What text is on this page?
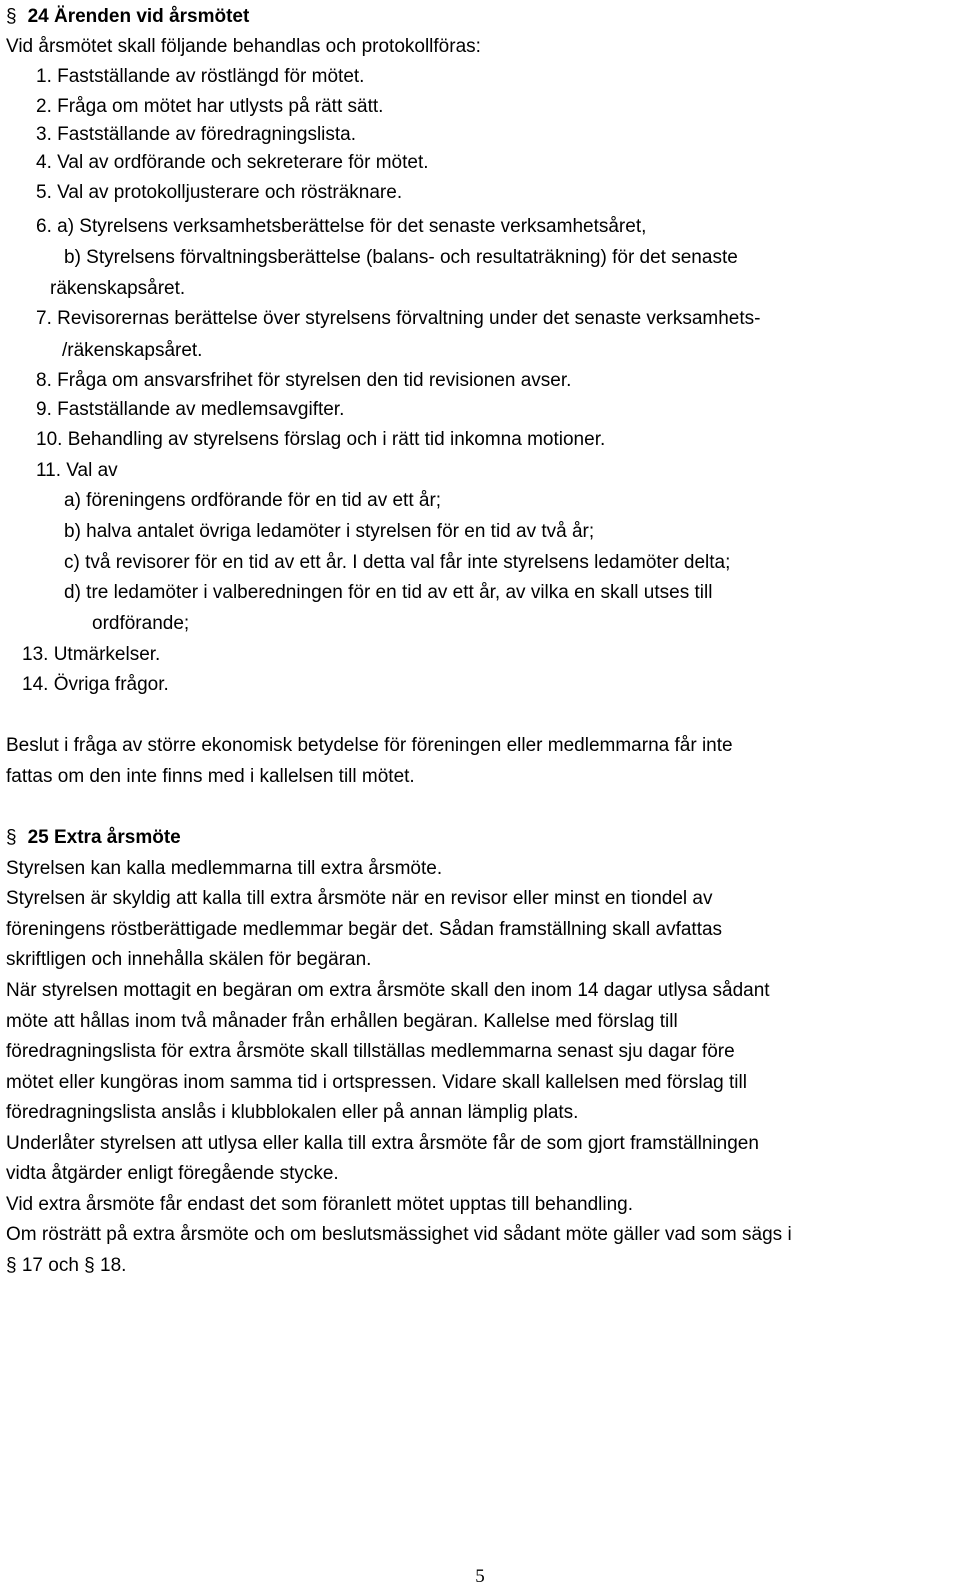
§ 24 Ärenden vid årsmötet
Vid årsmötet skall följande behandlas och protokollföras:
1. Fastställande av röstlängd för mötet.
2. Fråga om mötet har utlysts på rätt sätt.
3. Fastställande av föredragningslista.
4. Val av ordförande och sekreterare för mötet.
5. Val av protokolljusterare och rösträknare.
6. a) Styrelsens verksamhetsberättelse för det senaste verksamhetsåret,
b) Styrelsens förvaltningsberättelse (balans- och resultaträkning) för det senaste
räkenskapsåret.
7. Revisorernas berättelse över styrelsens förvaltning under det senaste verksamhets-
/räkenskapsåret.
8. Fråga om ansvarsfrihet för styrelsen den tid revisionen avser.
9. Fastställande av medlemsavgifter.
10. Behandling av styrelsens förslag och i rätt tid inkomna motioner.
11. Val av
a) föreningens ordförande för en tid av ett år;
b) halva antalet övriga ledamöter i styrelsen för en tid av två år;
c) två revisorer för en tid av ett år. I detta val får inte styrelsens ledamöter delta;
d) tre ledamöter i valberedningen för en tid av ett år, av vilka en skall utses till
ordförande;
13. Utmärkelser.
14. Övriga frågor.
Beslut i fråga av större ekonomisk betydelse för föreningen eller medlemmarna får inte
fattas om den inte finns med i kallelsen till mötet.
§ 25 Extra årsmöte
Styrelsen kan kalla medlemmarna till extra årsmöte.
Styrelsen är skyldig att kalla till extra årsmöte när en revisor eller minst en tiondel av
föreningens röstberättigade medlemmar begär det. Sådan framställning skall avfattas
skriftligen och innehålla skälen för begäran.
När styrelsen mottagit en begäran om extra årsmöte skall den inom 14 dagar utlysa sådant
möte att hållas inom två månader från erhållen begäran. Kallelse med förslag till
föredragningslista för extra årsmöte skall tillställas medlemmarna senast sju dagar före
mötet eller kungöras inom samma tid i ortspressen. Vidare skall kallelsen med förslag till
föredragningslista anslås i klubblokalen eller på annan lämplig plats.
Underlåter styrelsen att utlysa eller kalla till extra årsmöte får de som gjort framställningen
vidta åtgärder enligt föregående stycke.
Vid extra årsmöte får endast det som föranlett mötet upptas till behandling.
Om rösträtt på extra årsmöte och om beslutsmässighet vid sådant möte gäller vad som sägs i
§ 17 och § 18.
5
